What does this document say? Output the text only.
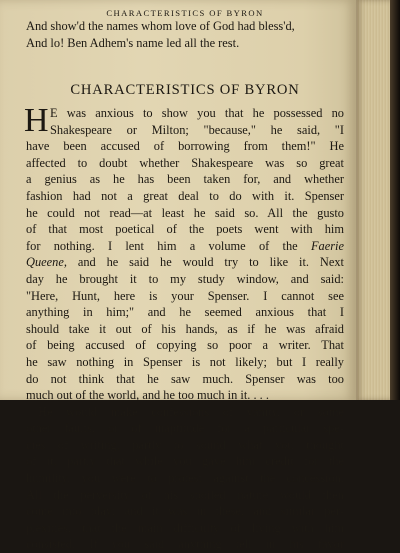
CHARACTERISTICS OF BYRON

And show'd the names whom love of God had bless'd,
And lo! Ben Adhem's name led all the rest.
CHARACTERISTICS OF BYRON
H E was anxious to show you that he possessed no
Shakespeare or Milton; "because," he said, "I
have been accused of borrowing from them!" He
affected to doubt whether Shakespeare was so great
a genius as he has been taken for, and whether
fashion had not a great deal to do with it. Spenser
he could not read—at least he said so. All the gusto
of that most poetical of the poets went with him
for nothing. I lent him a volume of the Faerie
Queene, and he said he would try to like it. Next
day he brought it to my study window, and said:
"Here, Hunt, here is your Spenser. I cannot see
anything in him;" and he seemed anxious that I
should take it out of his hands, as if he was afraid
of being accused of copying so poor a writer. That
he saw nothing in Spenser is not likely; but I really
do not think that he saw much. Spenser was too
much out of the world, and he too much in it. . . .
He would make confessions of vanity, or some
other faults, or of inaptitude for a particular spe-
cies of writing, partly to sound what you thought
of it, partly that while you gave him credit for the
humility, you were to protest against the concession.
All the perversity of his spoiled nature would then
come into play; and it was in these, and similar per-
plexities, that the main difficulty of living with him
consisted. If you said anything tell in his favor
